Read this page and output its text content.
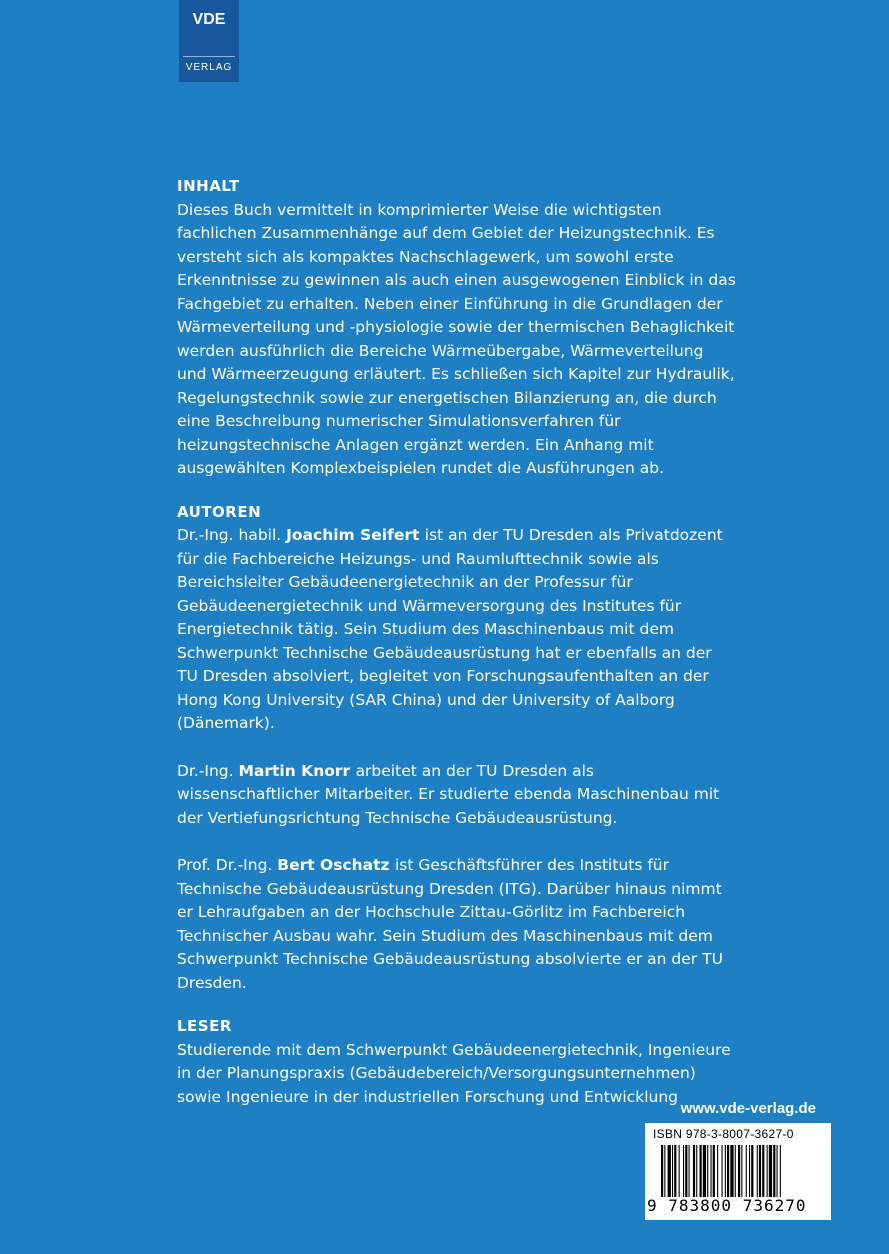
VDE
VERLAG
INHALT

Dieses Buch vermittelt in komprimierter Weise die wichtigsten fachlichen Zusammenhänge auf dem Gebiet der Heizungstechnik. Es versteht sich als kompaktes Nachschlagewerk, um sowohl erste Erkenntnisse zu gewinnen als auch einen ausgewogenen Einblick in das Fachgebiet zu erhalten. Neben einer Einführung in die Grundlagen der Wärmeverteilung und -physiologie sowie der thermischen Behaglichkeit werden ausführlich die Bereiche Wärmeübergabe, Wärmeverteilung und Wärmeerzeugung erläutert. Es schließen sich Kapitel zur Hydraulik, Regelungstechnik sowie zur energetischen Bilanzierung an, die durch eine Beschreibung numerischer Simulationsverfahren für heizungstechnische Anlagen ergänzt werden. Ein Anhang mit ausgewählten Komplexbeispielen rundet die Ausführungen ab.

AUTOREN

Dr.-Ing. habil. Joachim Seifert ist an der TU Dresden als Privatdozent für die Fachbereiche Heizungs- und Raumlufttechnik sowie als Bereichsleiter Gebäudeenergietechnik an der Professur für Gebäudeenergietechnik und Wärmeversorgung des Institutes für Energietechnik tätig. Sein Studium des Maschinenbaus mit dem Schwerpunkt Technische Gebäudeausrüstung hat er ebenfalls an der TU Dresden absolviert, begleitet von Forschungsaufenthalten an der Hong Kong University (SAR China) und der University of Aalborg (Dänemark).

Dr.-Ing. Martin Knorr arbeitet an der TU Dresden als wissenschaftlicher Mitarbeiter. Er studierte ebenda Maschinenbau mit der Vertiefungsrichtung Technische Gebäudeausrüstung.

Prof. Dr.-Ing. Bert Oschatz ist Geschäftsführer des Instituts für Technische Gebäudeausrüstung Dresden (ITG). Darüber hinaus nimmt er Lehraufgaben an der Hochschule Zittau-Görlitz im Fachbereich Technischer Ausbau wahr. Sein Studium des Maschinenbaus mit dem Schwerpunkt Technische Gebäudeausrüstung absolvierte er an der TU Dresden.

LESER

Studierende mit dem Schwerpunkt Gebäudeenergietechnik, Ingenieure in der Planungspraxis (Gebäudebereich/Versorgungsunternehmen) sowie Ingenieure in der industriellen Forschung und Entwicklung

www.vde-verlag.de
ISBN 978-3-8007-3627-0
9 783800 736270
